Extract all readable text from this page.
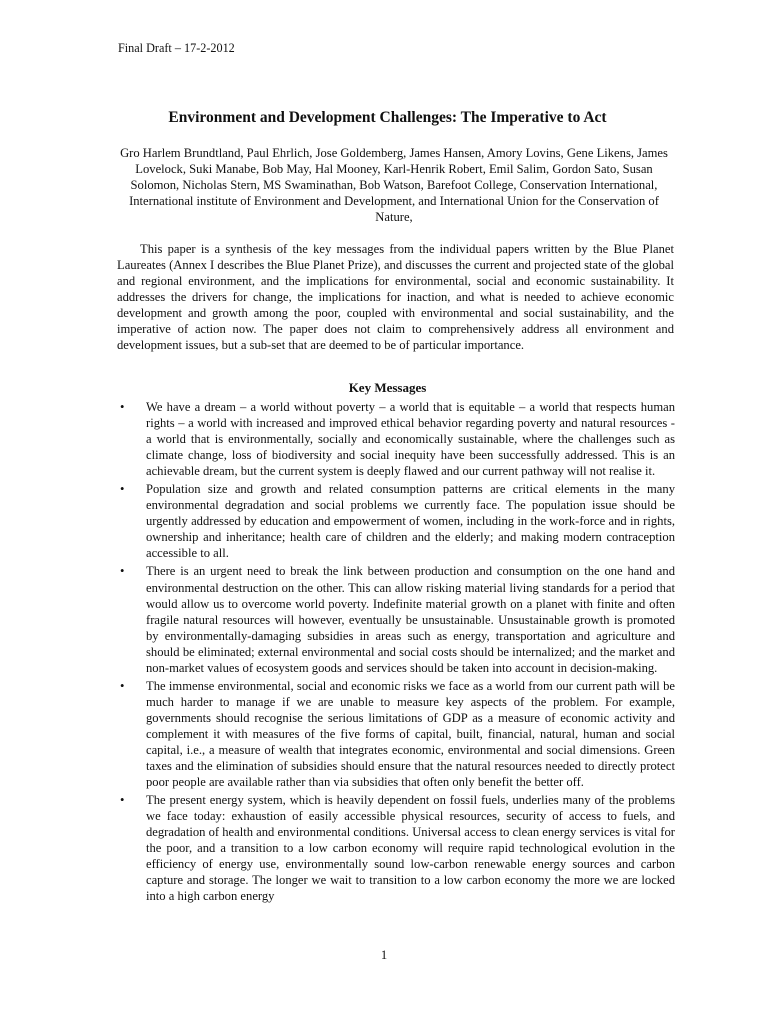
Final Draft – 17-2-2012
Environment and Development Challenges: The Imperative to Act
Gro Harlem Brundtland, Paul Ehrlich, Jose Goldemberg, James Hansen, Amory Lovins, Gene Likens, James Lovelock, Suki Manabe, Bob May, Hal Mooney, Karl-Henrik Robert, Emil Salim, Gordon Sato, Susan Solomon, Nicholas Stern, MS Swaminathan, Bob Watson, Barefoot College, Conservation International, International institute of Environment and Development, and International Union for the Conservation of Nature,

This paper is a synthesis of the key messages from the individual papers written by the Blue Planet Laureates (Annex I describes the Blue Planet Prize), and discusses the current and projected state of the global and regional environment, and the implications for environmental, social and economic sustainability. It addresses the drivers for change, the implications for inaction, and what is needed to achieve economic development and growth among the poor, coupled with environmental and social sustainability, and the imperative of action now. The paper does not claim to comprehensively address all environment and development issues, but a sub-set that are deemed to be of particular importance.

Key Messages
• We have a dream – a world without poverty – a world that is equitable – a world that respects human rights – a world with increased and improved ethical behavior regarding poverty and natural resources - a world that is environmentally, socially and economically sustainable, where the challenges such as climate change, loss of biodiversity and social inequity have been successfully addressed. This is an achievable dream, but the current system is deeply flawed and our current pathway will not realise it.
• Population size and growth and related consumption patterns are critical elements in the many environmental degradation and social problems we currently face. The population issue should be urgently addressed by education and empowerment of women, including in the work-force and in rights, ownership and inheritance; health care of children and the elderly; and making modern contraception accessible to all.
• There is an urgent need to break the link between production and consumption on the one hand and environmental destruction on the other. This can allow risking material living standards for a period that would allow us to overcome world poverty. Indefinite material growth on a planet with finite and often fragile natural resources will however, eventually be unsustainable. Unsustainable growth is promoted by environmentally-damaging subsidies in areas such as energy, transportation and agriculture and should be eliminated; external environmental and social costs should be internalized; and the market and non-market values of ecosystem goods and services should be taken into account in decision-making.
• The immense environmental, social and economic risks we face as a world from our current path will be much harder to manage if we are unable to measure key aspects of the problem. For example, governments should recognise the serious limitations of GDP as a measure of economic activity and complement it with measures of the five forms of capital, built, financial, natural, human and social capital, i.e., a measure of wealth that integrates economic, environmental and social dimensions. Green taxes and the elimination of subsidies should ensure that the natural resources needed to directly protect poor people are available rather than via subsidies that often only benefit the better off.
• The present energy system, which is heavily dependent on fossil fuels, underlies many of the problems we face today: exhaustion of easily accessible physical resources, security of access to fuels, and degradation of health and environmental conditions. Universal access to clean energy services is vital for the poor, and a transition to a low carbon economy will require rapid technological evolution in the efficiency of energy use, environmentally sound low-carbon renewable energy sources and carbon capture and storage. The longer we wait to transition to a low carbon economy the more we are locked into a high carbon energy
1
